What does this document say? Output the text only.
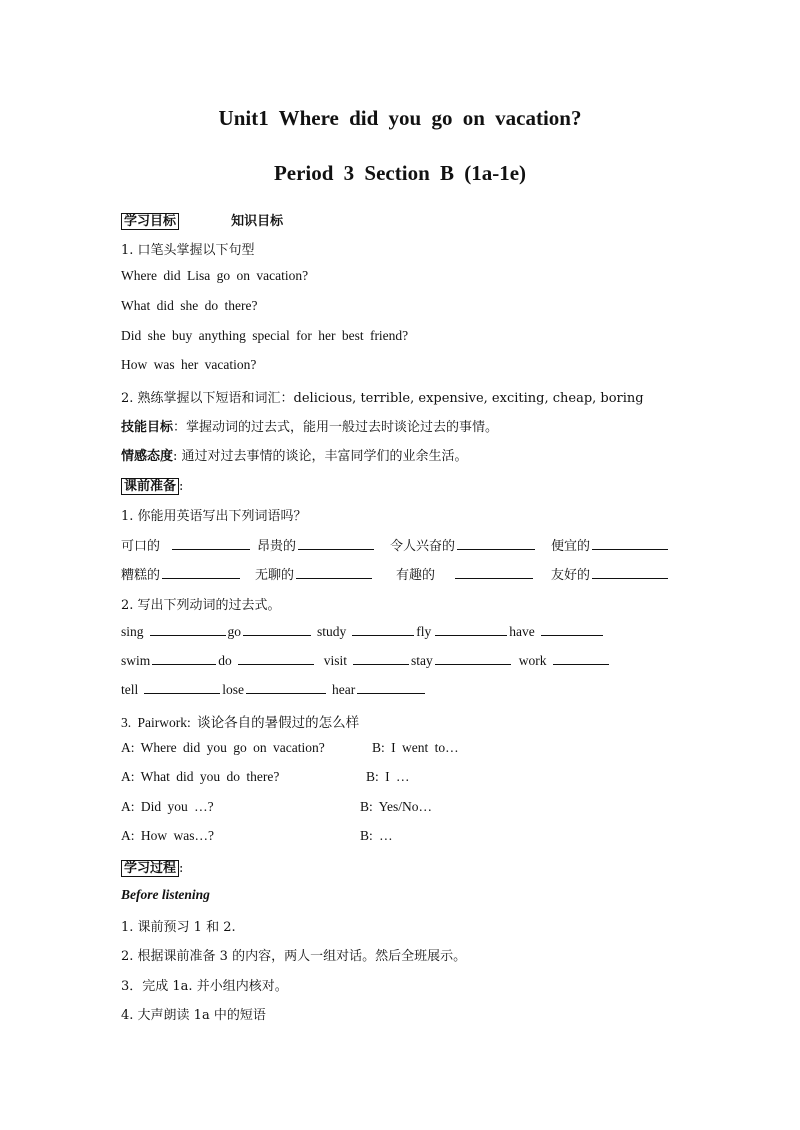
Unit1 Where did you go on vacation?
Period 3 Section B (1a-1e)
学习目标	知识目标
1. 口笔头掌握以下句型
Where did Lisa go on vacation?
What did she do there?
Did she buy anything special for her best friend?
How was her vacation?
2. 熟练掌握以下短语和词汇：delicious, terrible, expensive, exciting, cheap, boring
技能目标：掌握动词的过去式，能用一般过去时谈论过去的事情。
情感态度: 通过对过去事情的谈论，丰富同学们的业余生活。
课前准备 :
1. 你能用英语写出下列词语吗？
可口的	昂贵的	令人兴奋的	便宜的
糟糕的	无聊的	有趣的	友好的
2. 写出下列动词的过去式。
sing	go	study	fly	have
swim	do	visit	stay	work
tell	lose	hear
3. Pairwork: 谈论各自的暑假过的怎么样
A: Where did you go on vacation?	B: I went to…
A: What did you do there?	B: I …
A: Did you …?	B: Yes/No…
A: How was…?	B: …
学习过程 :
Before listening
1. 课前预习 1 和 2.
2. 根据课前准备 3 的内容，两人一组对话。然后全班展示。
3．完成 1a. 并小组内核对。
4. 大声朗读 1a 中的短语
